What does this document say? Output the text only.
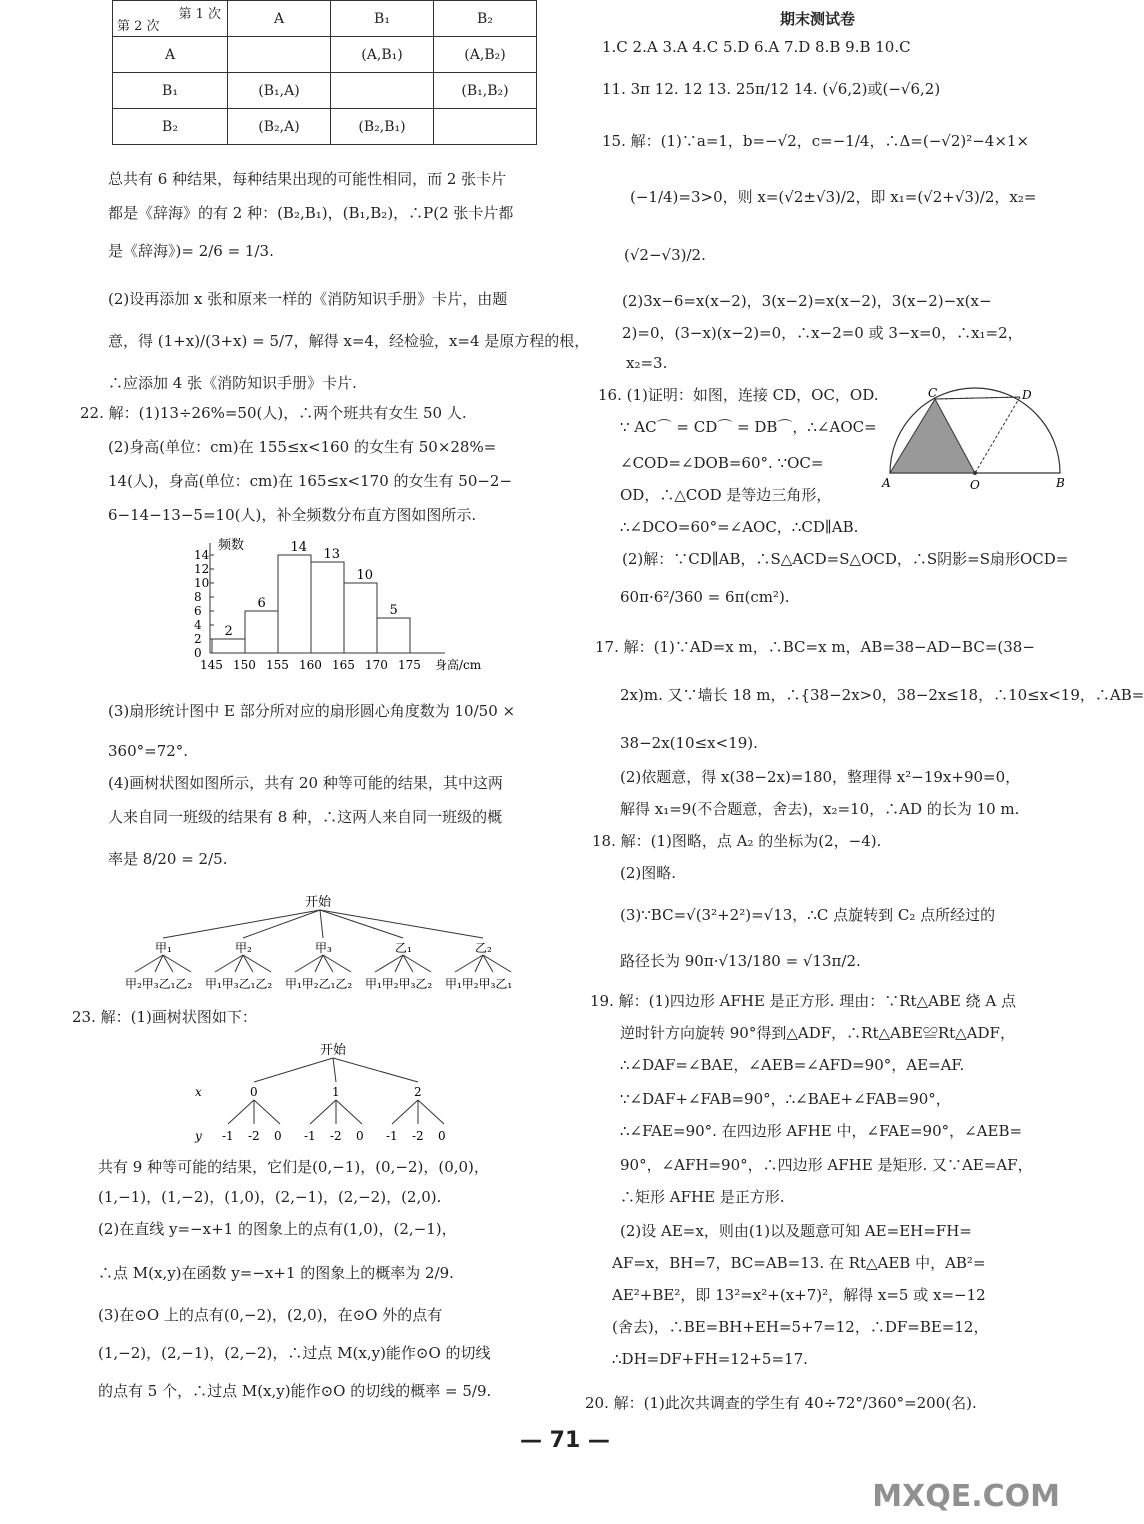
第 1 次
第 2 次	A	B₁	B₂
A		(A,B₁)	(A,B₂)
B₁	(B₁,A)		(B₁,B₂)
B₂	(B₂,A)	(B₂,B₁)	
总共有 6 种结果，每种结果出现的可能性相同，而 2 张卡片
都是《辞海》的有 2 种：(B₂,B₁)，(B₁,B₂)，∴P(2 张卡片都
是《辞海》)= 2/6 = 1/3.
(2)设再添加 x 张和原来一样的《消防知识手册》卡片，由题
意，得 (1+x)/(3+x) = 5/7，解得 x=4，经检验，x=4 是原方程的根，
∴应添加 4 张《消防知识手册》卡片.
22. 解：(1)13÷26%=50(人)，∴两个班共有女生 50 人.
(2)身高(单位：cm)在 155≤x<160 的女生有 50×28%=
14(人)，身高(单位：cm)在 165≤x<170 的女生有 50−2−
6−14−13−5=10(人)，补全频数分布直方图如图所示.
(3)扇形统计图中 E 部分所对应的扇形圆心角度数为 10/50 ×
360°=72°.
(4)画树状图如图所示，共有 20 种等可能的结果，其中这两
人来自同一班级的结果有 8 种，∴这两人来自同一班级的概
率是 8/20 = 2/5.
23. 解：(1)画树状图如下：
共有 9 种等可能的结果，它们是(0,−1)，(0,−2)，(0,0)，
(1,−1)，(1,−2)，(1,0)，(2,−1)，(2,−2)，(2,0).
(2)在直线 y=−x+1 的图象上的点有(1,0)，(2,−1)，
∴点 M(x,y)在函数 y=−x+1 的图象上的概率为 2/9.
(3)在⊙O 上的点有(0,−2)，(2,0)，在⊙O 外的点有
(1,−2)，(2,−1)，(2,−2)，∴过点 M(x,y)能作⊙O 的切线
的点有 5 个，∴过点 M(x,y)能作⊙O 的切线的概率 = 5/9.
频数
14
12
10
8
6
4
2
0
2
6
14 13
10
5
145 150 155 160 165 170 175 身高/cm
开始
甲₁
甲₂甲₃乙₁乙₂
甲₂
甲₁甲₃乙₁乙₂
甲₃
甲₁甲₂乙₁乙₂
乙₁
甲₁甲₂甲₃乙₂
乙₂
甲₁甲₂甲₃乙₁
开始
x
y
0
-1 -2 0
1
-1 -2 0
2
-1 -2 0
期末测试卷
1.C 2.A 3.A 4.C 5.D 6.A 7.D 8.B 9.B 10.C
11. 3π 12. 12 13. 25π/12 14. (√6,2)或(−√6,2)
15. 解：(1)∵a=1，b=−√2，c=−1/4，∴Δ=(−√2)²−4×1×
(−1/4)=3>0，则 x=(√2±√3)/2，即 x₁=(√2+√3)/2，x₂=
(√2−√3)/2.
(2)3x−6=x(x−2)，3(x−2)=x(x−2)，3(x−2)−x(x−
2)=0，(3−x)(x−2)=0，∴x−2=0 或 3−x=0，∴x₁=2，
x₂=3.
16. (1)证明：如图，连接 CD，OC，OD.
∵ AC⌒ = CD⌒ = DB⌒，∴∠AOC=
∠COD=∠DOB=60°. ∵OC=
OD，∴△COD 是等边三角形，
∴∠DCO=60°=∠AOC，∴CD∥AB.
(2)解：∵CD∥AB，∴S△ACD=S△OCD，∴S阴影=S扇形OCD=
60π·6²/360 = 6π(cm²).
17. 解：(1)∵AD=x m，∴BC=x m，AB=38−AD−BC=(38−
2x)m. 又∵墙长 18 m，∴{38−2x>0，38−2x≤18，∴10≤x<19，∴AB=
38−2x(10≤x<19).
(2)依题意，得 x(38−2x)=180，整理得 x²−19x+90=0，
解得 x₁=9(不合题意，舍去)，x₂=10，∴AD 的长为 10 m.
18. 解：(1)图略，点 A₂ 的坐标为(2，−4).
(2)图略.
(3)∵BC=√(3²+2²)=√13，∴C 点旋转到 C₂ 点所经过的
路径长为 90π·√13/180 = √13π/2.
19. 解：(1)四边形 AFHE 是正方形. 理由：∵Rt△ABE 绕 A 点
逆时针方向旋转 90°得到△ADF，∴Rt△ABE≌Rt△ADF，
∴∠DAF=∠BAE，∠AEB=∠AFD=90°，AE=AF.
∵∠DAF+∠FAB=90°，∴∠BAE+∠FAB=90°，
∴∠FAE=90°. 在四边形 AFHE 中，∠FAE=90°，∠AEB=
90°，∠AFH=90°，∴四边形 AFHE 是矩形. 又∵AE=AF，
∴矩形 AFHE 是正方形.
(2)设 AE=x，则由(1)以及题意可知 AE=EH=FH=
AF=x，BH=7，BC=AB=13. 在 Rt△AEB 中，AB²=
AE²+BE²，即 13²=x²+(x+7)²，解得 x=5 或 x=−12
(舍去)，∴BE=BH+EH=5+7=12，∴DF=BE=12，
∴DH=DF+FH=12+5=17.
20. 解：(1)此次共调查的学生有 40÷72°/360°=200(名).
A	O	B
C	D
— 71 —
MXQE.COM
